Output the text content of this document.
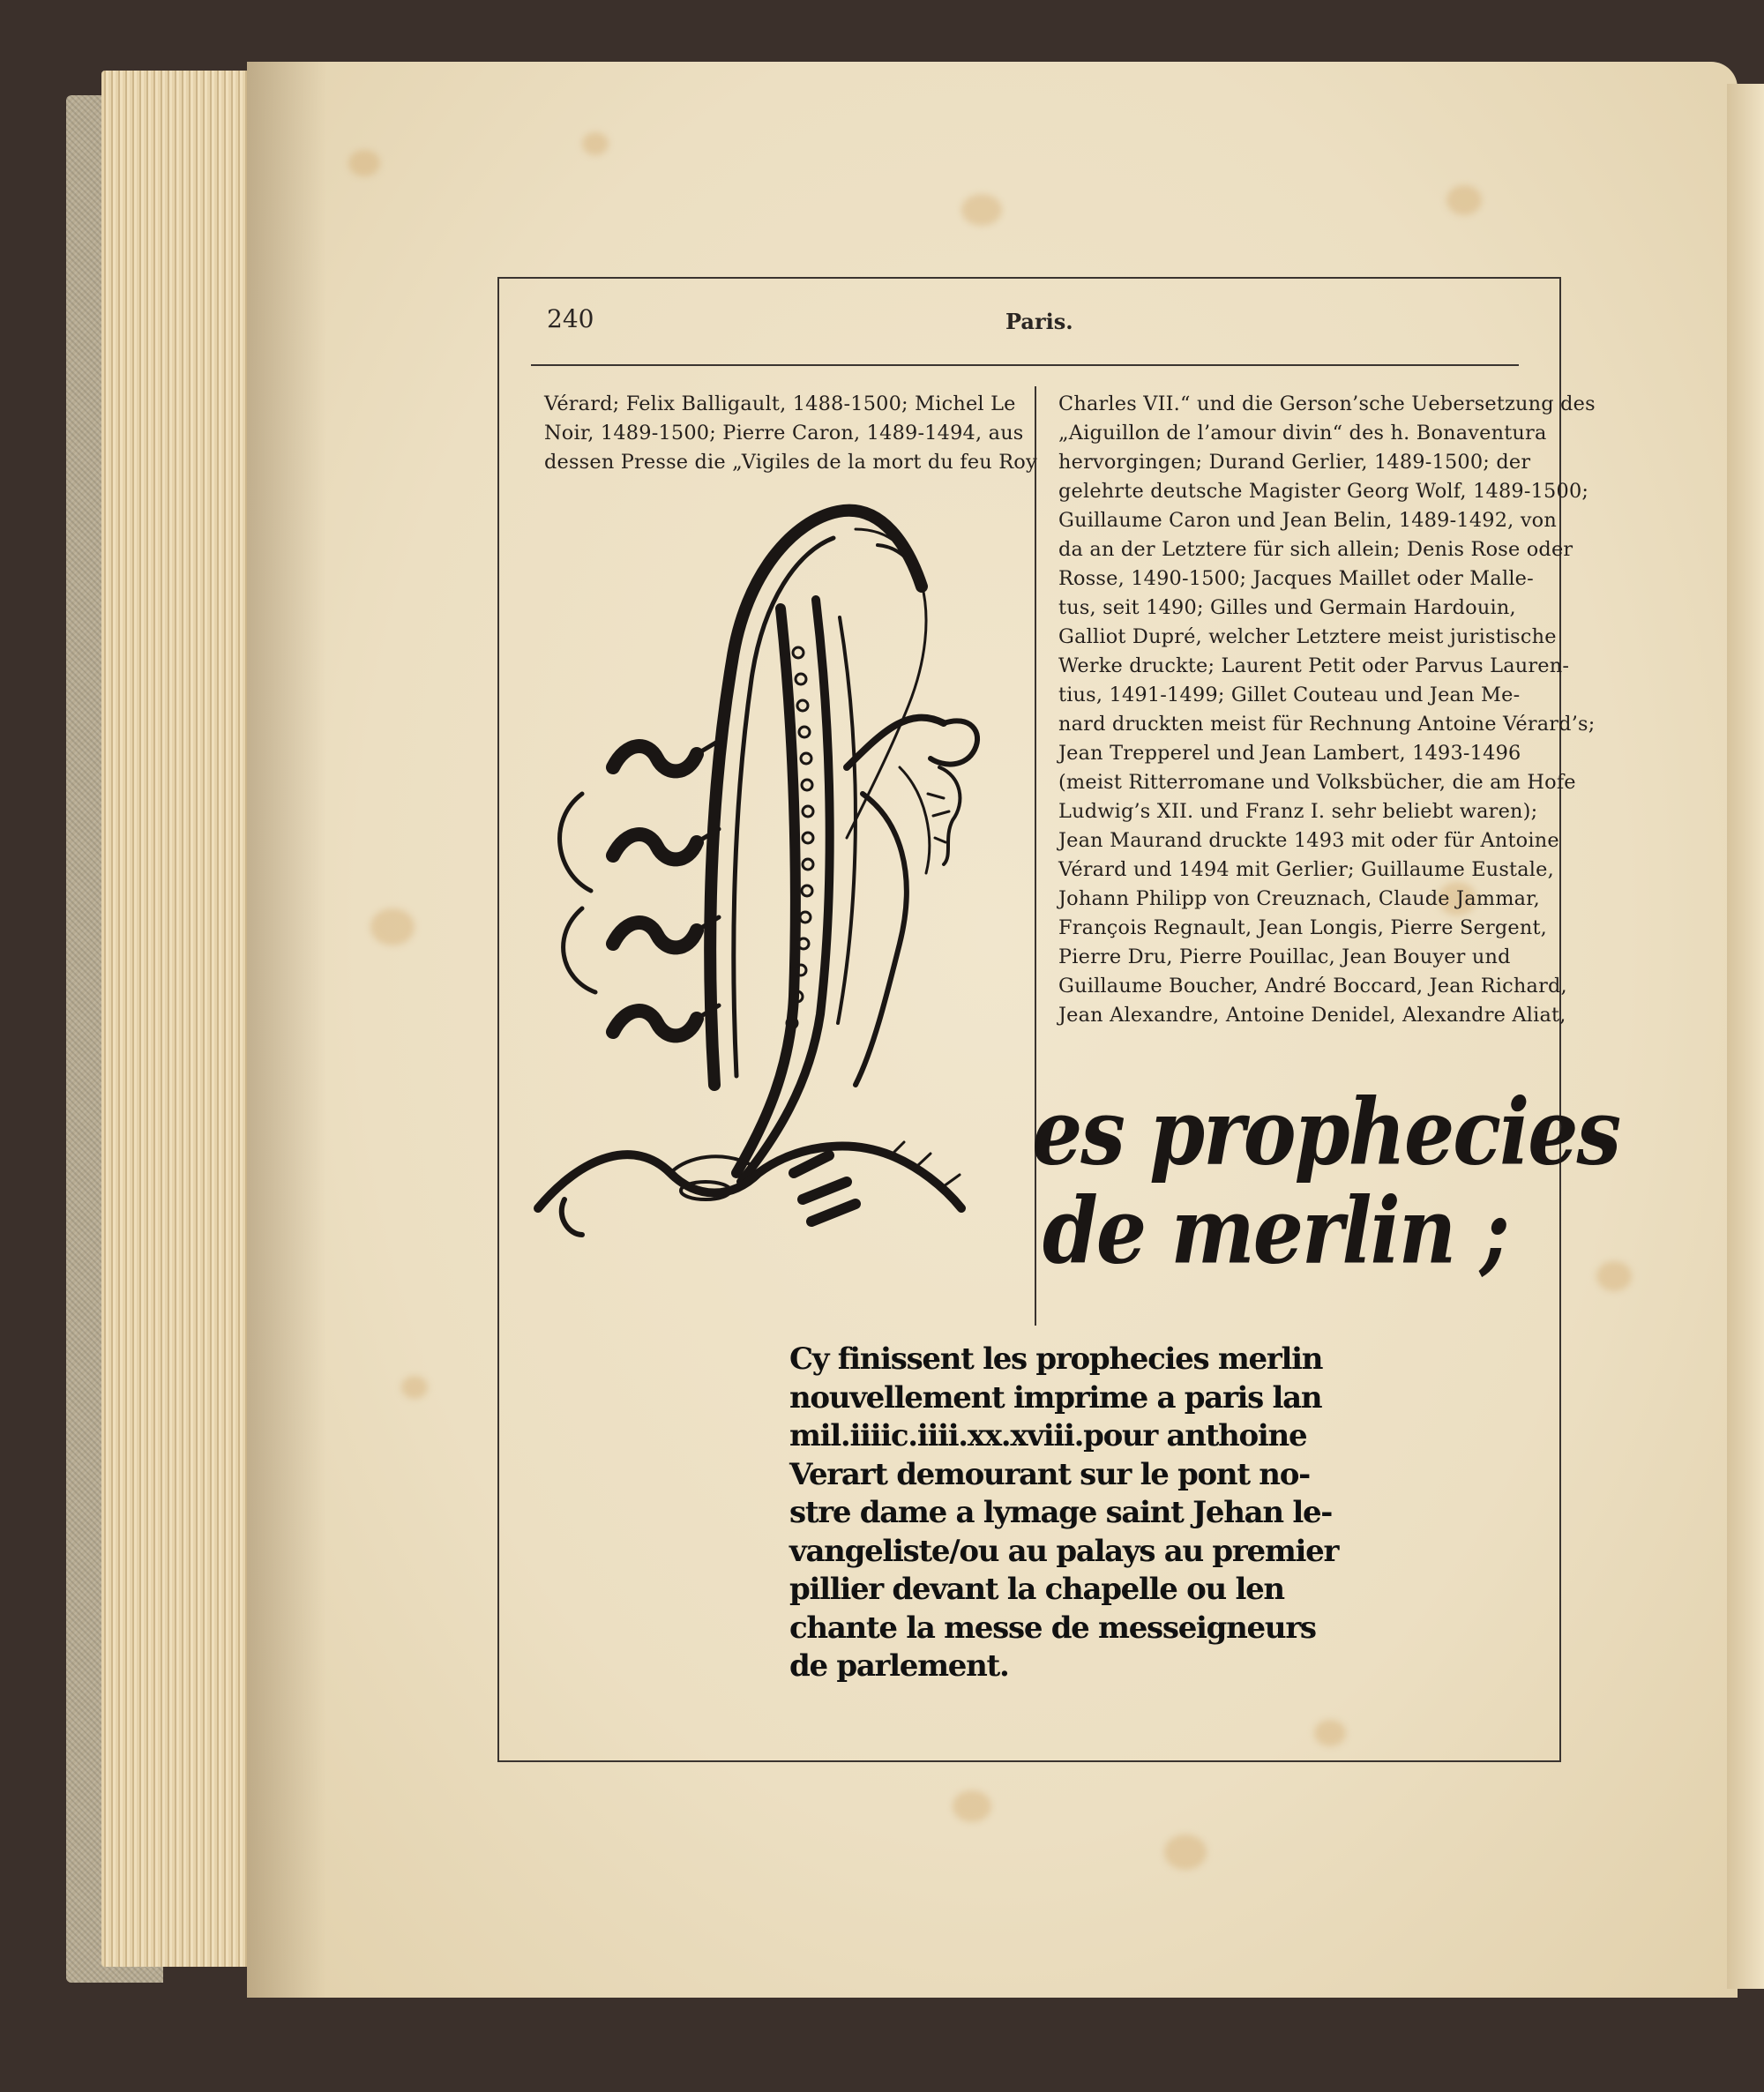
240	Paris.

Vérard; Felix Balligault, 1488-1500; Michel Le
Noir, 1489-1500; Pierre Caron, 1489-1494, aus
dessen Presse die „Vigiles de la mort du feu Roy

Charles VII.“ und die Gerson’sche Uebersetzung des
„Aiguillon de l’amour divin“ des h. Bonaventura
hervorgingen; Durand Gerlier, 1489-1500; der
gelehrte deutsche Magister Georg Wolf, 1489-1500;
Guillaume Caron und Jean Belin, 1489-1492, von
da an der Letztere für sich allein; Denis Rose oder
Rosse, 1490-1500; Jacques Maillet oder Malle-
tus, seit 1490; Gilles und Germain Hardouin,
Galliot Dupré, welcher Letztere meist juristische
Werke druckte; Laurent Petit oder Parvus Lauren-
tius, 1491-1499; Gillet Couteau und Jean Me-
nard druckten meist für Rechnung Antoine Vérard’s;
Jean Trepperel und Jean Lambert, 1493-1496
(meist Ritterromane und Volksbücher, die am Hofe
Ludwig’s XII. und Franz I. sehr beliebt waren);
Jean Maurand druckte 1493 mit oder für Antoine
Vérard und 1494 mit Gerlier; Guillaume Eustale,
Johann Philipp von Creuznach, Claude Jammar,
François Regnault, Jean Longis, Pierre Sergent,
Pierre Dru, Pierre Pouillac, Jean Bouyer und
Guillaume Boucher, André Boccard, Jean Richard,
Jean Alexandre, Antoine Denidel, Alexandre Aliat,

es prophecies
de merlin ;

Cy finissent les prophecies merlin
nouvellement imprime a paris lan
mil.iiiic.iiii.xx.xviii.pour anthoine
Verart demourant sur le pont no-
stre dame a lymage saint Jehan le-
vangeliste/ou au palays au premier
pillier devant la chapelle ou len
chante la messe de messeigneurs
de parlement.
